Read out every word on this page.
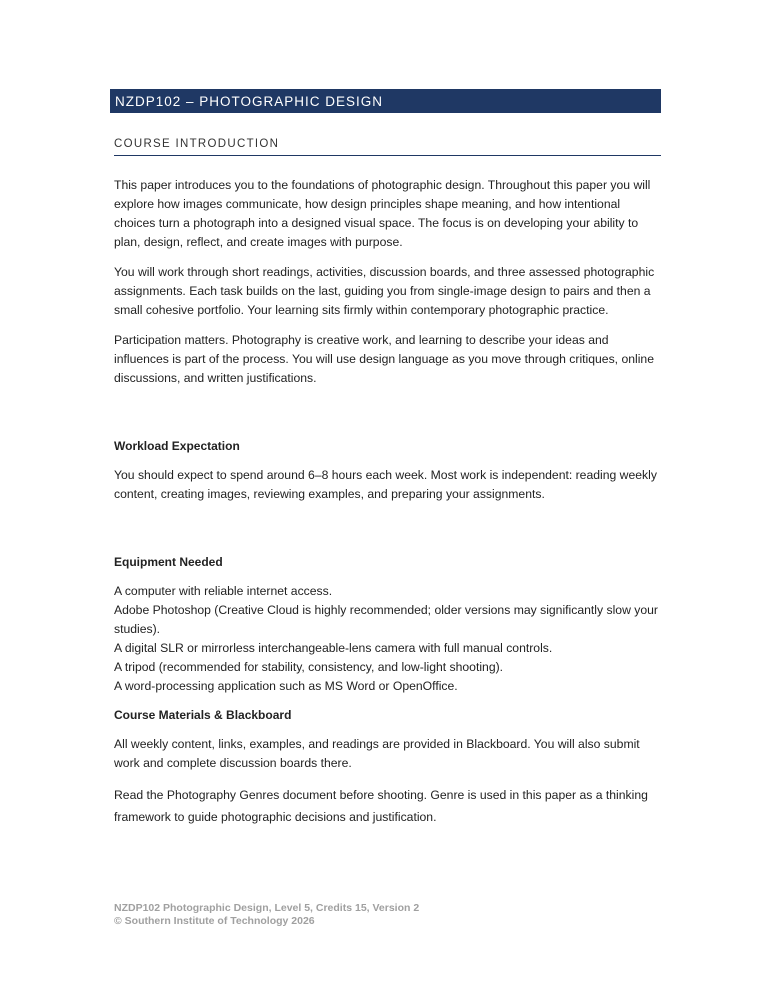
NZDP102 – PHOTOGRAPHIC DESIGN
COURSE INTRODUCTION

This paper introduces you to the foundations of photographic design. Throughout this paper you will explore how images communicate, how design principles shape meaning, and how intentional choices turn a photograph into a designed visual space. The focus is on developing your ability to plan, design, reflect, and create images with purpose.

You will work through short readings, activities, discussion boards, and three assessed photographic assignments. Each task builds on the last, guiding you from single-image design to pairs and then a small cohesive portfolio. Your learning sits firmly within contemporary photographic practice.

Participation matters. Photography is creative work, and learning to describe your ideas and influences is part of the process. You will use design language as you move through critiques, online discussions, and written justifications.

Workload Expectation

You should expect to spend around 6–8 hours each week. Most work is independent: reading weekly content, creating images, reviewing examples, and preparing your assignments.

Equipment Needed
A computer with reliable internet access.
Adobe Photoshop (Creative Cloud is highly recommended; older versions may significantly slow your studies).
A digital SLR or mirrorless interchangeable-lens camera with full manual controls.
A tripod (recommended for stability, consistency, and low-light shooting).
A word-processing application such as MS Word or OpenOffice.
Course Materials & Blackboard

All weekly content, links, examples, and readings are provided in Blackboard. You will also submit work and complete discussion boards there.

Read the Photography Genres document before shooting. Genre is used in this paper as a thinking framework to guide photographic decisions and justification.

NZDP102 Photographic Design, Level 5, Credits 15, Version 2
© Southern Institute of Technology 2026
